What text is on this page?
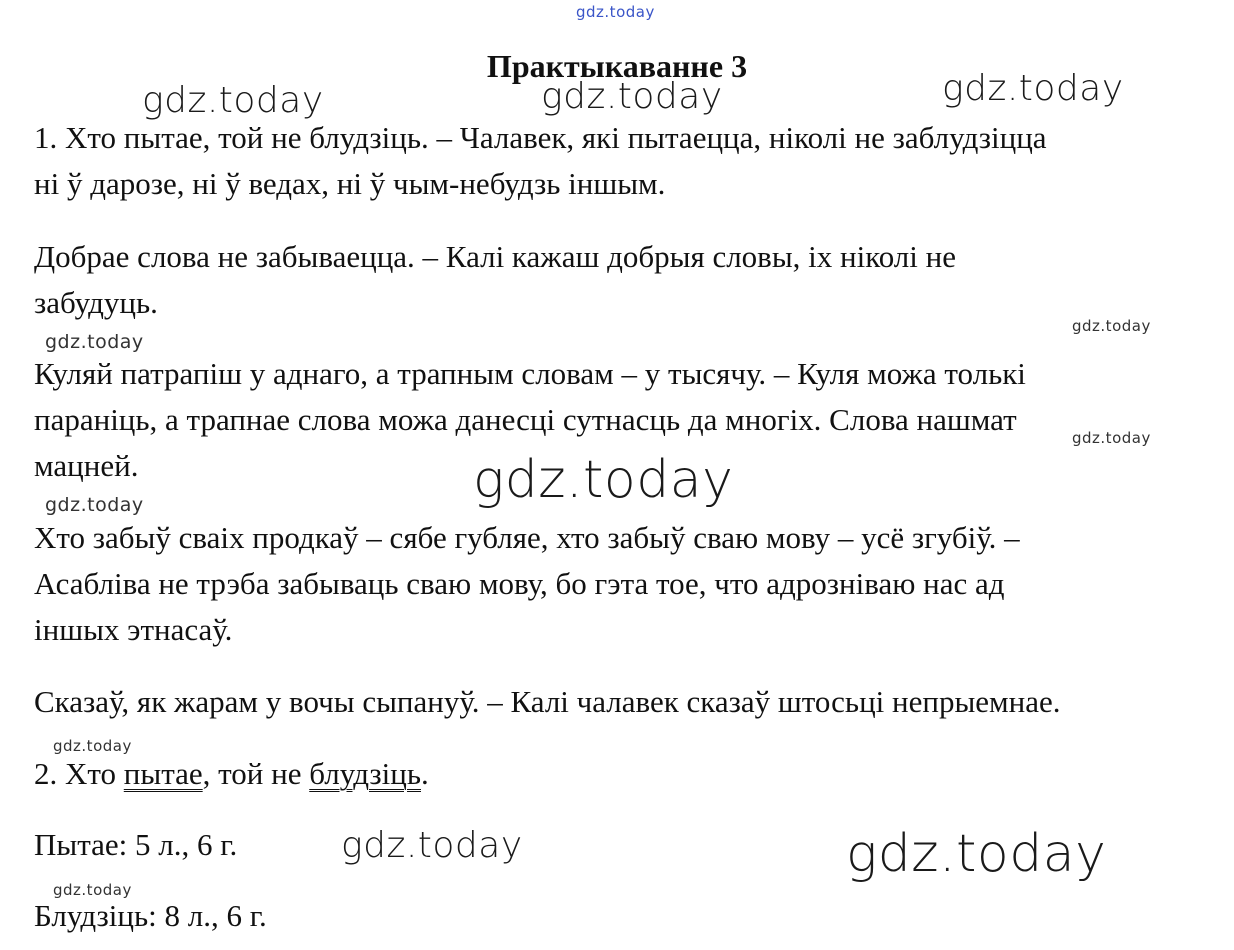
Практыкаванне 3
1. Хто пытае, той не блудзіць. – Чалавек, які пытаецца, ніколі не заблудзіцца
ні ў дарозе, ні ў ведах, ні ў чым-небудзь іншым.
Добрае слова не забываецца. – Калі кажаш добрыя словы, іх ніколі не
забудуць.
Куляй патрапіш у аднаго, а трапным словам – у тысячу. – Куля можа толькі
параніць, а трапнае слова можа данесці сутнасць да многіх. Слова нашмат
мацней.
Хто забыў сваіх продкаў – сябе губляе, хто забыў сваю мову – усё згубіў. –
Асабліва не трэба забываць сваю мову, бо гэта тое, что адрозніваю нас ад
іншых этнасаў.
Сказаў, як жарам у вочы сыпануў. – Калі чалавек сказаў штосьці непрыемнае.
2. Хто пытае, той не блудзіць.
Пытае: 5 л., 6 г.
Блудзіць: 8 л., 6 г.
gdz.today
gdz.today	gdz.today	gdz.today
gdz.today
gdz.today
gdz.today
gdz.today
gdz.today
gdz.today
gdz.today	gdz.today
gdz.today
